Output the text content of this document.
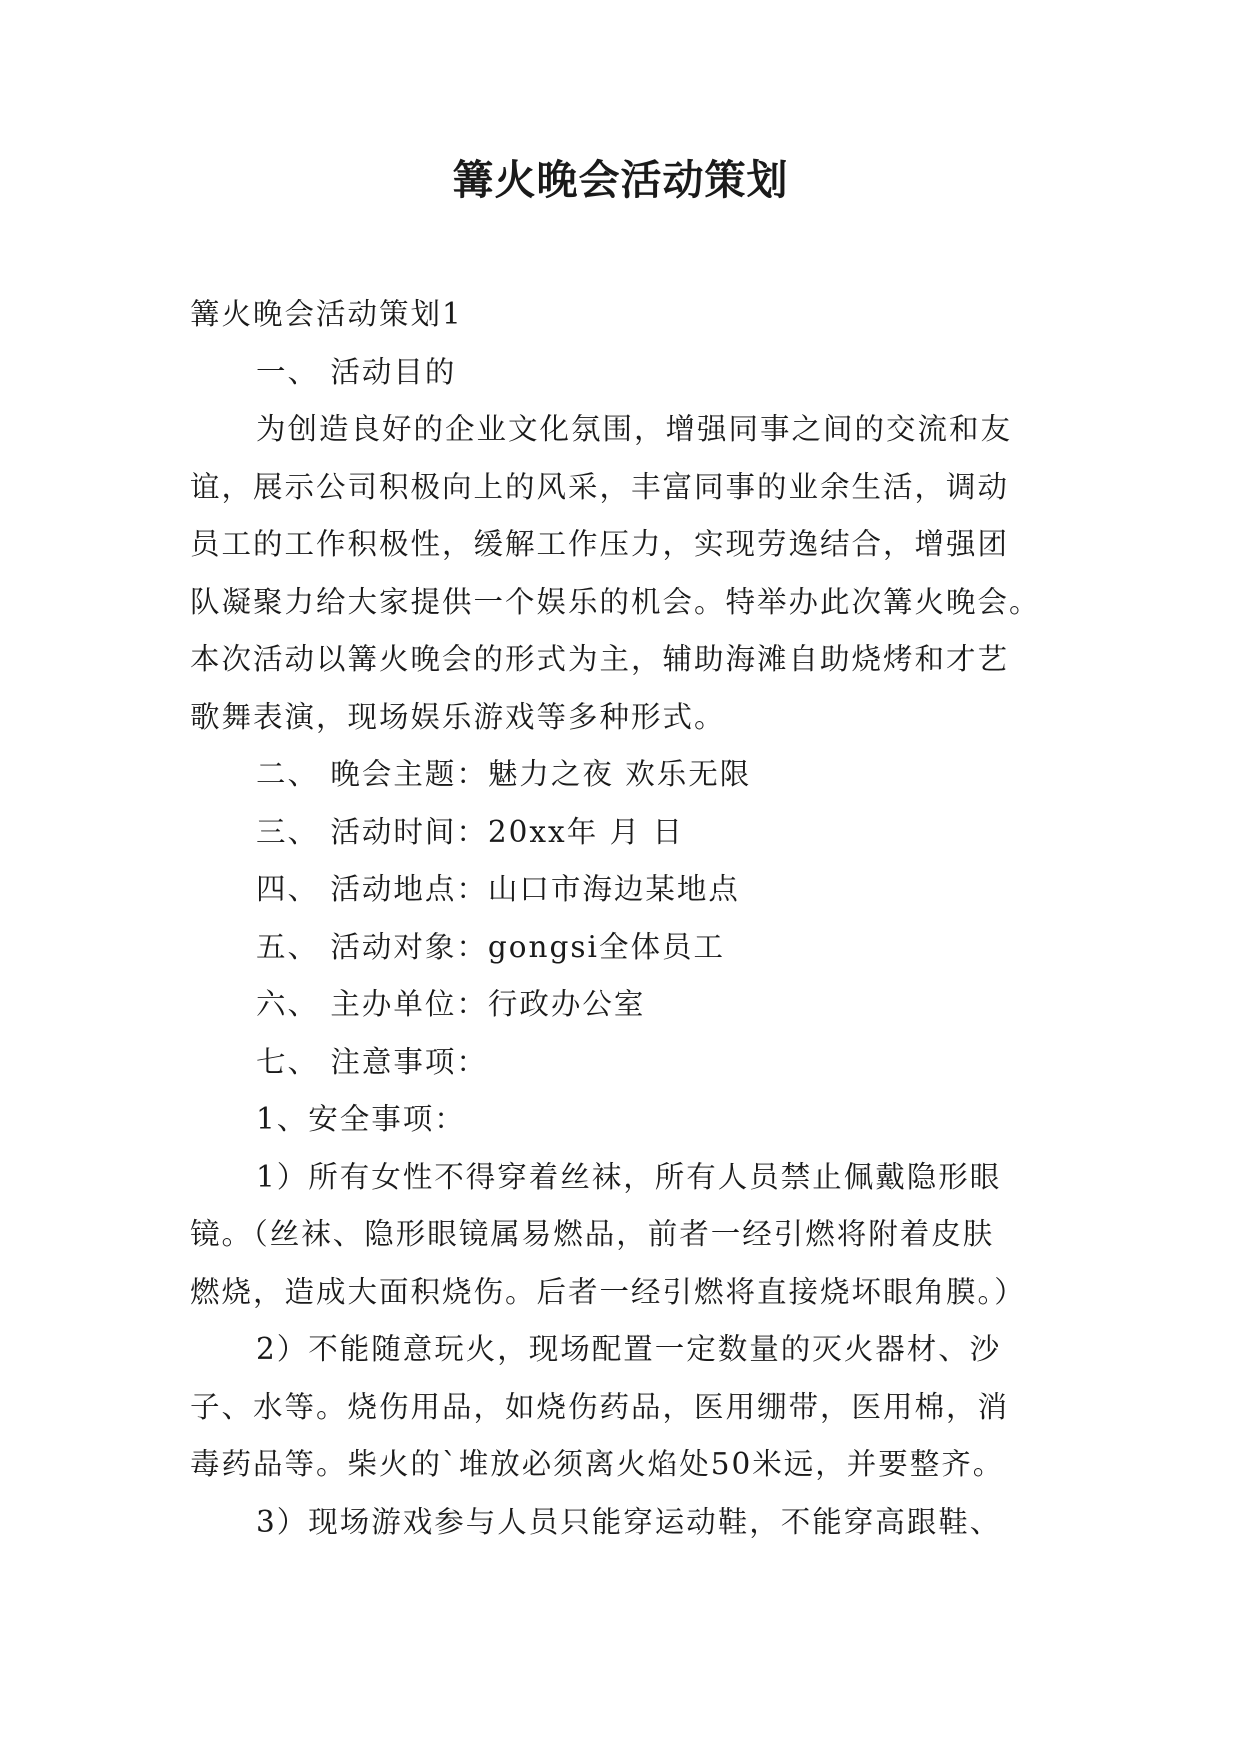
篝火晚会活动策划

篝火晚会活动策划1

一、 活动目的

为创造良好的企业文化氛围，增强同事之间的交流和友

谊，展示公司积极向上的风采，丰富同事的业余生活，调动

员工的工作积极性，缓解工作压力，实现劳逸结合，增强团

队凝聚力给大家提供一个娱乐的机会。特举办此次篝火晚会。

本次活动以篝火晚会的形式为主，辅助海滩自助烧烤和才艺

歌舞表演，现场娱乐游戏等多种形式。

二、 晚会主题：魅力之夜 欢乐无限

三、 活动时间：20xx年 月 日

四、 活动地点：山口市海边某地点

五、 活动对象：gongsi全体员工

六、 主办单位：行政办公室

七、 注意事项：

1、安全事项：

1）所有女性不得穿着丝袜，所有人员禁止佩戴隐形眼

镜。（丝袜、隐形眼镜属易燃品，前者一经引燃将附着皮肤

燃烧，造成大面积烧伤。后者一经引燃将直接烧坏眼角膜。）

2）不能随意玩火，现场配置一定数量的灭火器材、沙

子、水等。烧伤用品，如烧伤药品，医用绷带，医用棉，消

毒药品等。柴火的`堆放必须离火焰处50米远，并要整齐。

3）现场游戏参与人员只能穿运动鞋，不能穿高跟鞋、
